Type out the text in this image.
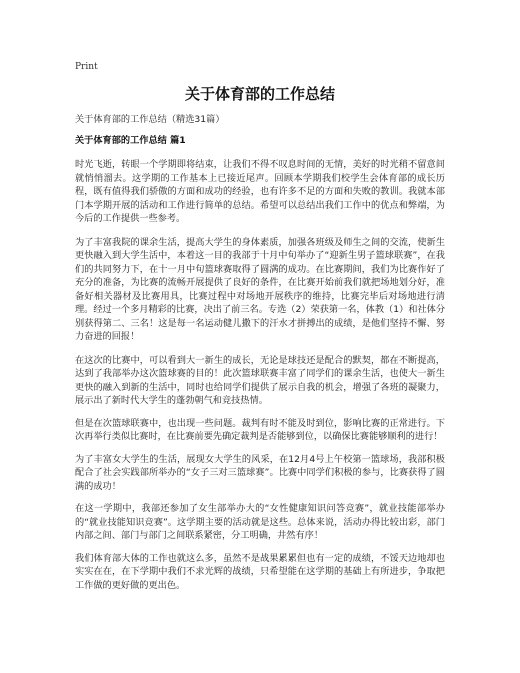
Print
关于体育部的工作总结
关于体育部的工作总结（精选31篇）
关于体育部的工作总结 篇1

时光飞逝，转眼一个学期即将结束，让我们不得不叹息时间的无情，美好的时光稍不留意间就悄悄溜去。这学期的工作基本上已接近尾声。回顾本学期我们校学生会体育部的成长历程，既有值得我们骄傲的方面和成功的经验，也有许多不足的方面和失败的教训。我就本部门本学期开展的活动和工作进行简单的总结。希望可以总结出我们工作中的优点和弊端，为今后的工作提供一些参考。

为了丰富我院的课余生活，提高大学生的身体素质，加强各班级及师生之间的交流，使新生更快融入到大学生活中，本着这一目的我部于十月中旬举办了“迎新生男子篮球联赛”，在我们的共同努力下，在十一月中旬篮球赛取得了圆满的成功。在比赛期间，我们为比赛作好了充分的准备，为比赛的流畅开展提供了良好的条件，在比赛开始前我们就把场地划分好，准备好相关器材及比赛用具，比赛过程中对场地开展秩序的维持，比赛完毕后对场地进行清理。经过一个多月精彩的比赛，决出了前三名。专选（2）荣获第一名，体教（1）和社体分别获得第二、三名！这是每一名运动健儿撒下的汗水才拼搏出的成绩，是他们坚持不懈、努力奋进的回报！

在这次的比赛中，可以看到大一新生的成长，无论是球技还是配合的默契，都在不断提高，达到了我部举办这次篮球赛的目的！此次篮球联赛丰富了同学们的课余生活，也使大一新生更快的融入到新的生活中，同时也给同学们提供了展示自我的机会，增强了各班的凝聚力，展示出了新时代大学生的蓬勃朝气和竞技热情。

但是在次篮球联赛中，也出现一些问题。裁判有时不能及时到位，影响比赛的正常进行。下次再举行类似比赛时，在比赛前要先确定裁判是否能够到位，以确保比赛能够顺利的进行！

为了丰富女大学生的生活，展现女大学生的风采，在12月4号上午校第一篮球场，我部积极配合了社会实践部所举办的“女子三对三篮球赛”。比赛中同学们积极的参与，比赛获得了圆满的成功！

在这一学期中，我部还参加了女生部举办大的“女性健康知识问答竞赛”，就业技能部举办的“就业技能知识竞赛”。这学期主要的活动就是这些。总体来说，活动办得比较出彩，部门内部之间、部门与部门之间联系紧密，分工明确，井然有序！

我们体育部大体的工作也就这么多，虽然不是战果累累但也有一定的成绩，不馁天边地却也实实在在，在下学期中我们不求光辉的战绩，只希望能在这学期的基础上有所进步，争取把工作做的更好做的更出色。
